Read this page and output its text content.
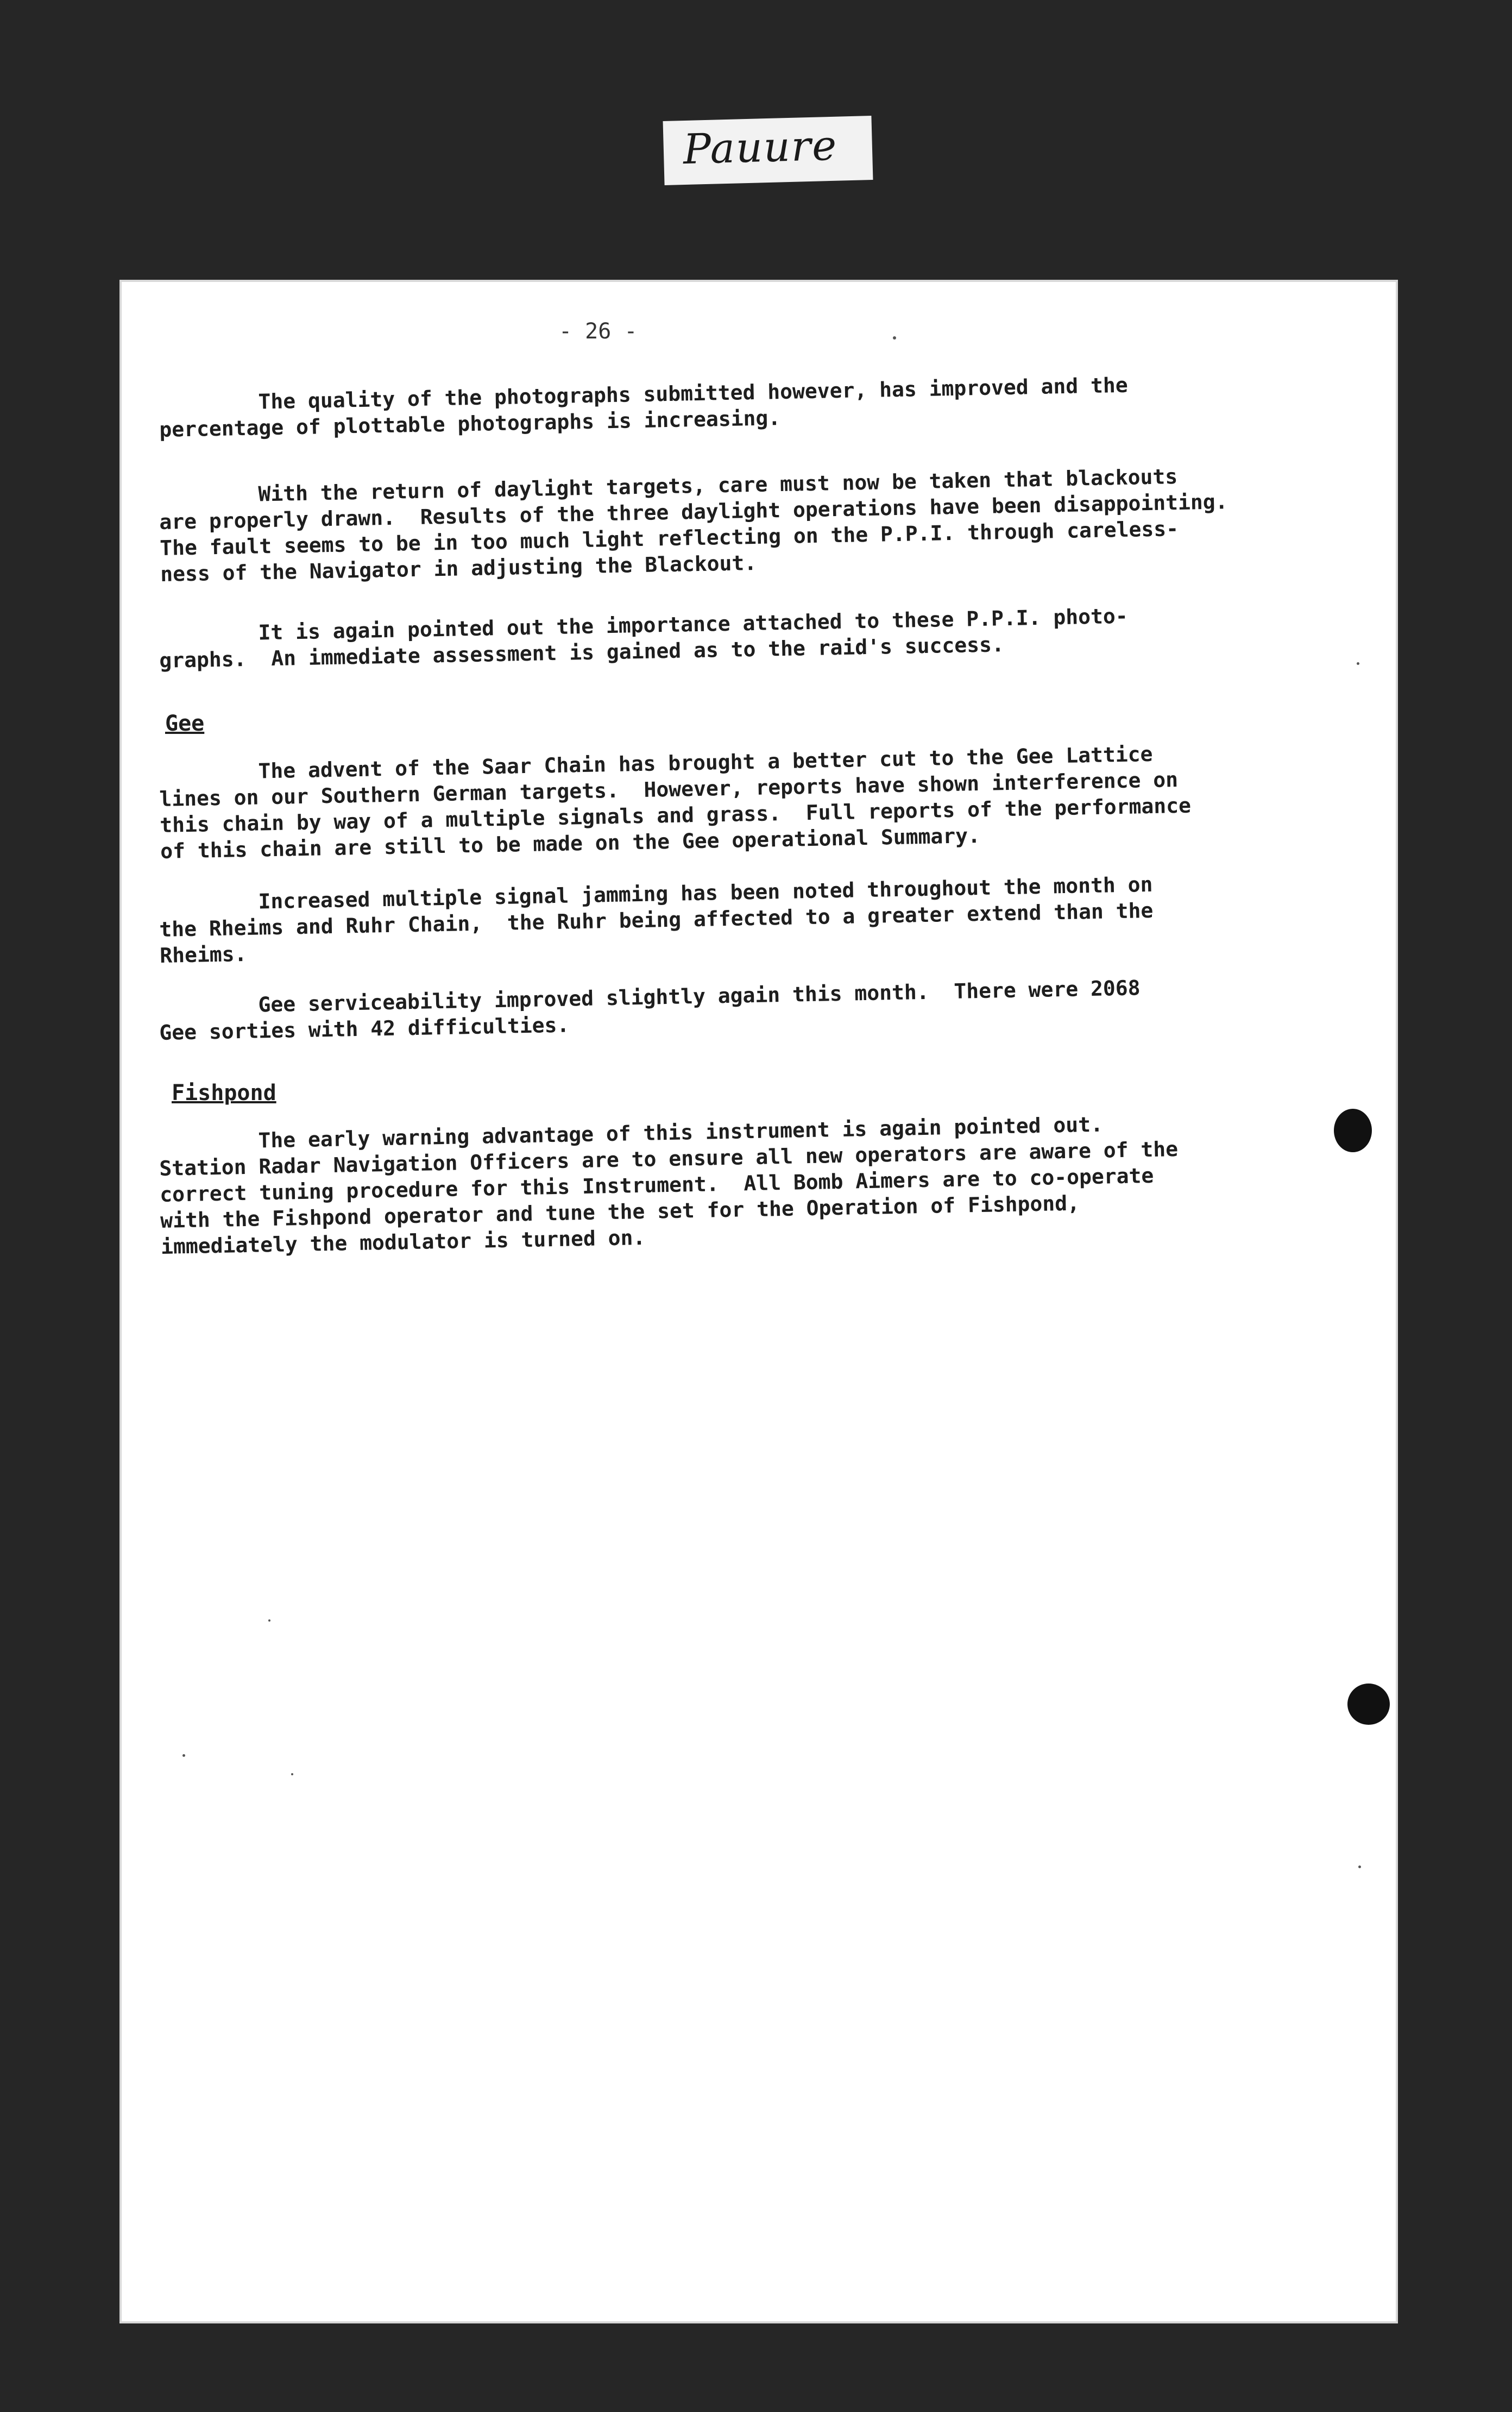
Pauure
- 26 -
The quality of the photographs submitted however, has improved and the
percentage of plottable photographs is increasing.
With the return of daylight targets, care must now be taken that blackouts
are properly drawn.  Results of the three daylight operations have been disappointing.
The fault seems to be in too much light reflecting on the P.P.I. through careless-
ness of the Navigator in adjusting the Blackout.
It is again pointed out the importance attached to these P.P.I. photo-
graphs.  An immediate assessment is gained as to the raid's success.
Gee
The advent of the Saar Chain has brought a better cut to the Gee Lattice
lines on our Southern German targets.  However, reports have shown interference on
this chain by way of a multiple signals and grass.  Full reports of the performance
of this chain are still to be made on the Gee operational Summary.
Increased multiple signal jamming has been noted throughout the month on
the Rheims and Ruhr Chain,  the Ruhr being affected to a greater extend than the
Rheims.
Gee serviceability improved slightly again this month.  There were 2068
Gee sorties with 42 difficulties.
Fishpond
The early warning advantage of this instrument is again pointed out.
Station Radar Navigation Officers are to ensure all new operators are aware of the
correct tuning procedure for this Instrument.  All Bomb Aimers are to co-operate
with the Fishpond operator and tune the set for the Operation of Fishpond,
immediately the modulator is turned on.
